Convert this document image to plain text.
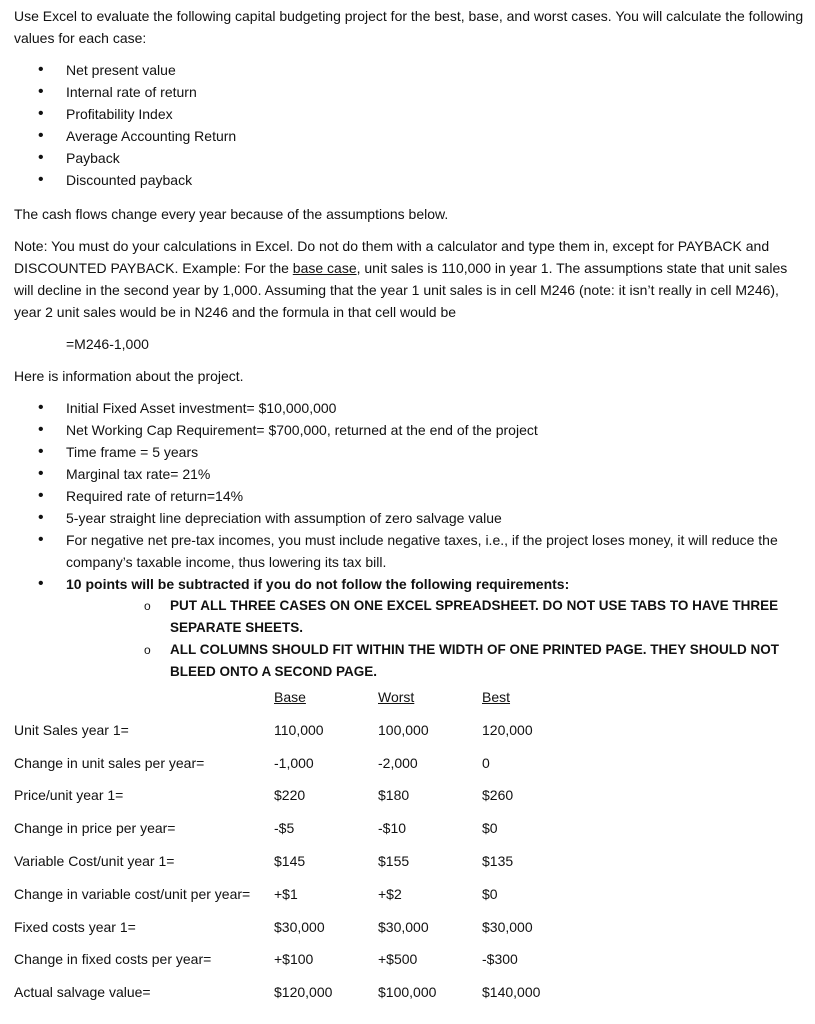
Use Excel to evaluate the following capital budgeting project for the best, base, and worst cases. You will calculate the following values for each case:

• Net present value
• Internal rate of return
• Profitability Index
• Average Accounting Return
• Payback
• Discounted payback

The cash flows change every year because of the assumptions below.

Note: You must do your calculations in Excel. Do not do them with a calculator and type them in, except for PAYBACK and DISCOUNTED PAYBACK. Example: For the base case, unit sales is 110,000 in year 1. The assumptions state that unit sales will decline in the second year by 1,000. Assuming that the year 1 unit sales is in cell M246 (note: it isn’t really in cell M246), year 2 unit sales would be in N246 and the formula in that cell would be

=M246-1,000

Here is information about the project.

• Initial Fixed Asset investment= $10,000,000
• Net Working Cap Requirement= $700,000, returned at the end of the project
• Time frame = 5 years
• Marginal tax rate= 21%
• Required rate of return=14%
• 5-year straight line depreciation with assumption of zero salvage value
• For negative net pre-tax incomes, you must include negative taxes, i.e., if the project loses money, it will reduce the company’s taxable income, thus lowering its tax bill.
• 10 points will be subtracted if you do not follow the following requirements:
o PUT ALL THREE CASES ON ONE EXCEL SPREADSHEET. DO NOT USE TABS TO HAVE THREE SEPARATE SHEETS.
o ALL COLUMNS SHOULD FIT WITHIN THE WIDTH OF ONE PRINTED PAGE. THEY SHOULD NOT BLEED ONTO A SECOND PAGE.
Base	Worst	Best
Unit Sales year 1=	110,000	100,000	120,000
Change in unit sales per year=	-1,000	-2,000	0
Price/unit year 1=	$220	$180	$260
Change in price per year=	-$5	-$10	$0
Variable Cost/unit year 1=	$145	$155	$135
Change in variable cost/unit per year= +$1	+$2	$0
Fixed costs year 1=	$30,000	$30,000	$30,000
Change in fixed costs per year=	+$100	+$500	-$300
Actual salvage value=	$120,000	$100,000	$140,000
